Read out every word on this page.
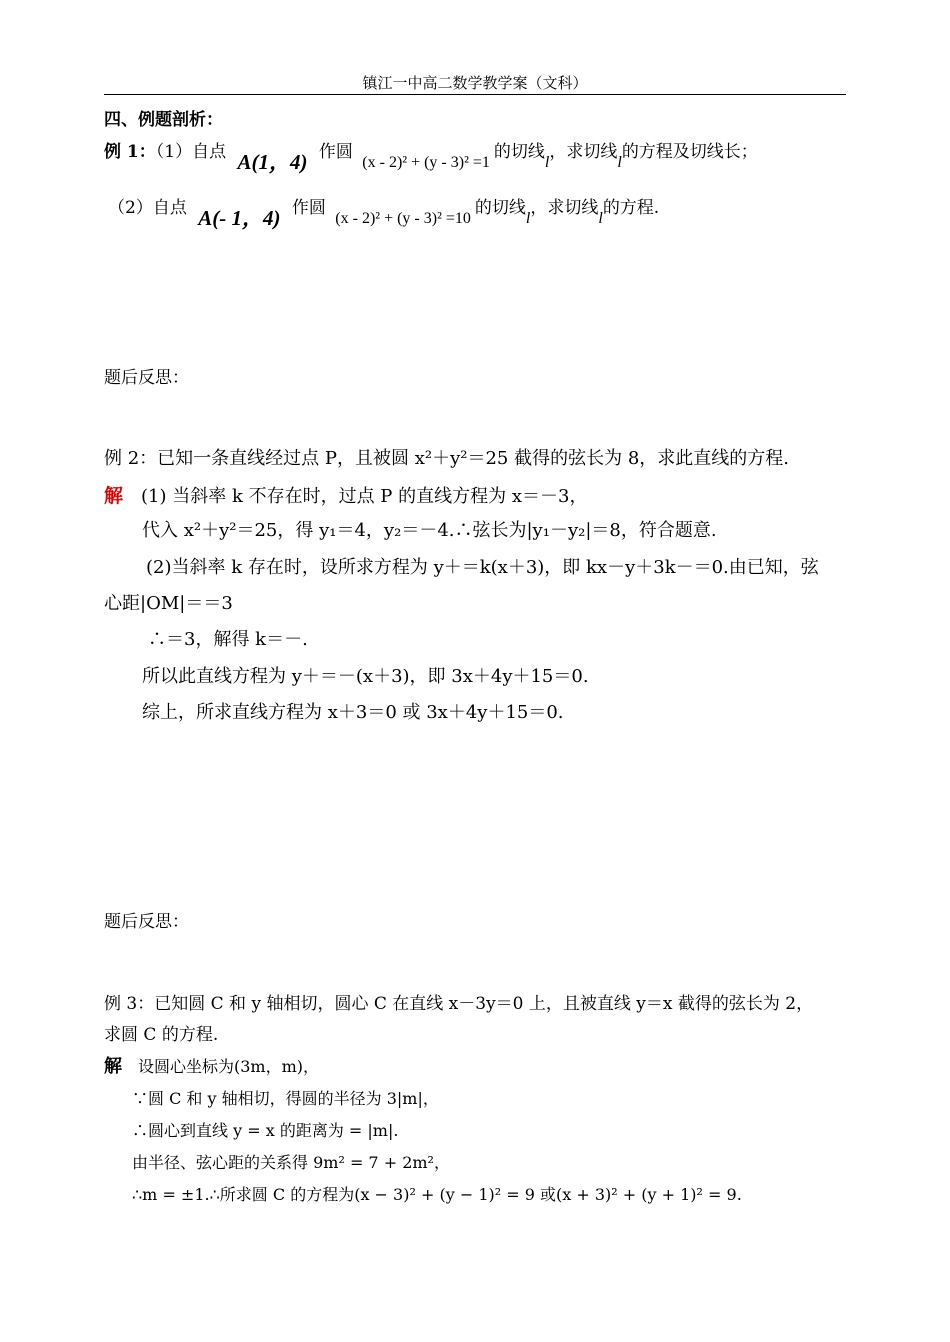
镇江一中高二数学教学案（文科）
四、例题剖析：
例 1：（1）自点 A(1，4) 作圆 (x - 2)² + (y - 3)² =1的切线l，求切线l的方程及切线长；
（2）自点 A(- 1，4) 作圆 (x - 2)² + (y - 3)² =10的切线l，求切线l的方程.
题后反思：
例 2：已知一条直线经过点 P，且被圆 x²＋y²＝25 截得的弦长为 8，求此直线的方程.
解 (1) 当斜率 k 不存在时，过点 P 的直线方程为 x＝－3，
代入 x²＋y²＝25，得 y₁＝4，y₂＝－4.∴弦长为|y₁－y₂|＝8，符合题意.
(2)当斜率 k 存在时，设所求方程为 y＋＝k(x＋3)，即 kx－y＋3k－＝0.由已知，弦
心距|OM|＝＝3
∴＝3，解得 k＝－.
所以此直线方程为 y＋＝－(x＋3)，即 3x＋4y＋15＝0.
综上，所求直线方程为 x＋3＝0 或 3x＋4y＋15＝0.
题后反思：
例 3：已知圆 C 和 y 轴相切，圆心 C 在直线 x－3y＝0 上，且被直线 y＝x 截得的弦长为 2，
求圆 C 的方程.
解 设圆心坐标为(3m，m)，
∵圆 C 和 y 轴相切，得圆的半径为 3|m|，
∴圆心到直线 y = x 的距离为 = |m|.
由半径、弦心距的关系得 9m² = 7 + 2m²，
∴m = ±1.∴所求圆 C 的方程为(x − 3)² + (y − 1)² = 9 或(x + 3)² + (y + 1)² = 9.
